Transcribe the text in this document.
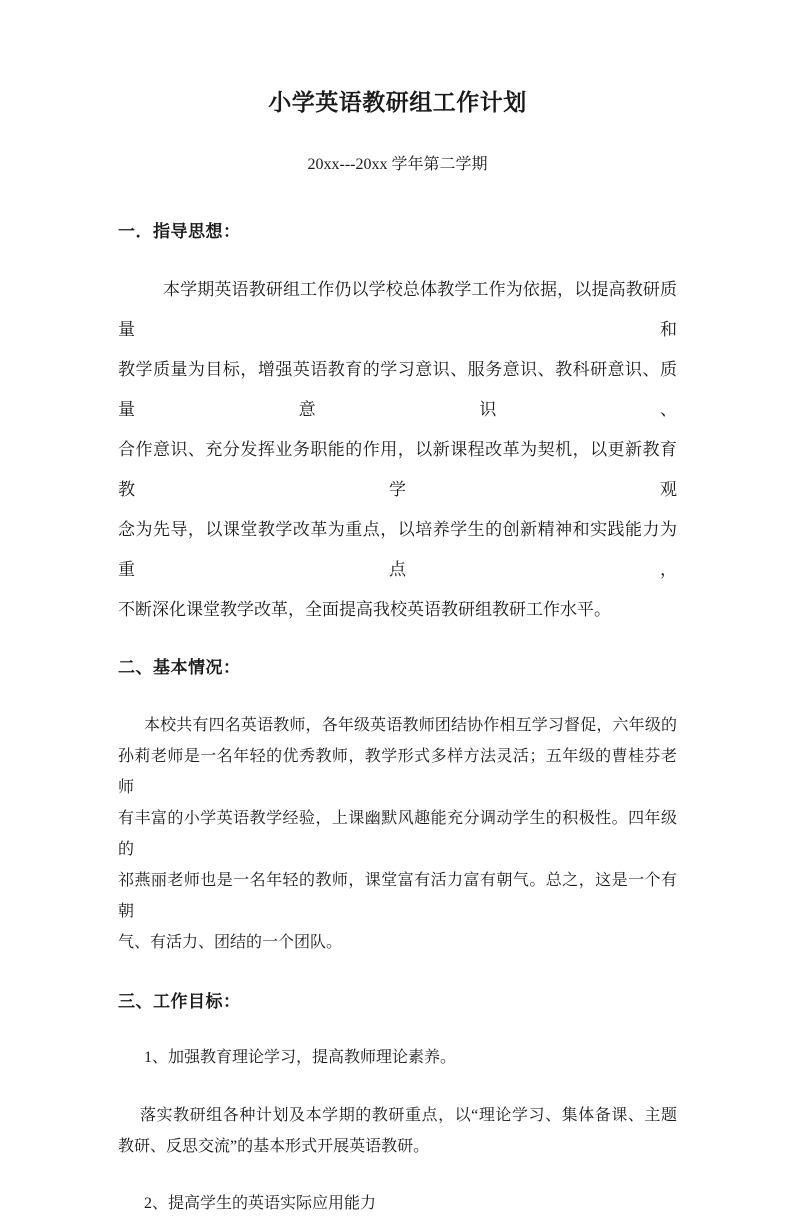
小学英语教研组工作计划
20xx---20xx 学年第二学期
一．指导思想：

本学期英语教研组工作仍以学校总体教学工作为依据，以提高教研质量和
教学质量为目标，增强英语教育的学习意识、服务意识、教科研意识、质量意识、
合作意识、充分发挥业务职能的作用，以新课程改革为契机，以更新教育教学观
念为先导，以课堂教学改革为重点，以培养学生的创新精神和实践能力为重点，
不断深化课堂教学改革，全面提高我校英语教研组教研工作水平。

二、基本情况：

本校共有四名英语教师，各年级英语教师团结协作相互学习督促，六年级的
孙莉老师是一名年轻的优秀教师，教学形式多样方法灵活；五年级的曹桂芬老师
有丰富的小学英语教学经验，上课幽默风趣能充分调动学生的积极性。四年级的
祁燕丽老师也是一名年轻的教师，课堂富有活力富有朝气。总之，这是一个有朝
气、有活力、团结的一个团队。

三、工作目标：

1、加强教育理论学习，提高教师理论素养。

落实教研组各种计划及本学期的教研重点，以“理论学习、集体备课、主题
教研、反思交流”的基本形式开展英语教研。

2、提高学生的英语实际应用能力
